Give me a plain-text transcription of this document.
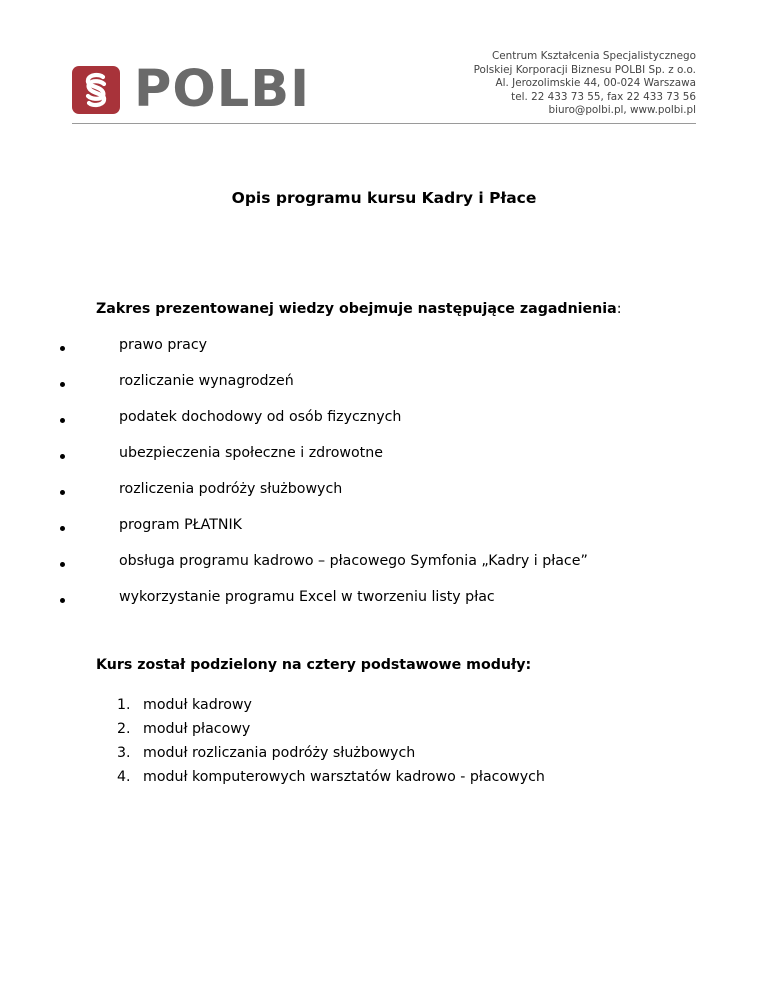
POLBI
Centrum Kształcenia Specjalistycznego
Polskiej Korporacji Biznesu POLBI Sp. z o.o.
Al. Jerozolimskie 44, 00-024 Warszawa
tel. 22 433 73 55, fax 22 433 73 56
biuro@polbi.pl, www.polbi.pl
Opis programu kursu Kadry i Płace
Zakres prezentowanej wiedzy obejmuje następujące zagadnienia:
prawo pracy
rozliczanie wynagrodzeń
podatek dochodowy od osób fizycznych
ubezpieczenia społeczne i zdrowotne
rozliczenia podróży służbowych
program PŁATNIK
obsługa programu kadrowo – płacowego Symfonia „Kadry i płace”
wykorzystanie programu Excel w tworzeniu listy płac
Kurs został podzielony na cztery podstawowe moduły:
1. moduł kadrowy
2. moduł płacowy
3. moduł rozliczania podróży służbowych
4. moduł komputerowych warsztatów kadrowo - płacowych
